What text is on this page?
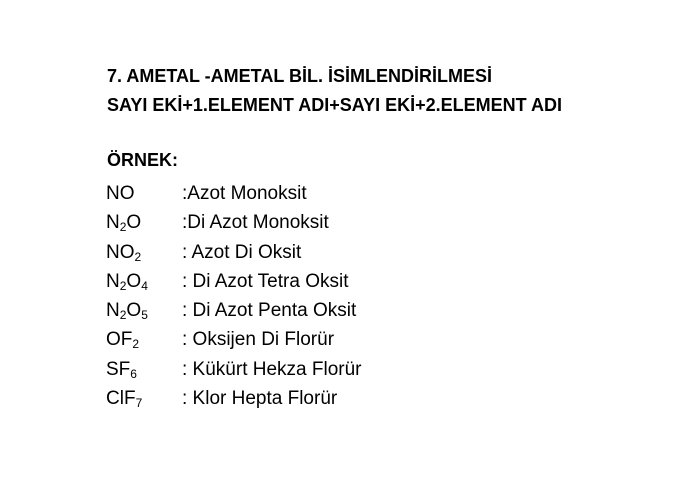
7. AMETAL -AMETAL BİL. İSİMLENDİRİLMESİ
SAYI EKİ+1.ELEMENT ADI+SAYI EKİ+2.ELEMENT ADI
ÖRNEK:
NO	:Azot Monoksit
$N_2O$ :Di Azot Monoksit
$NO_2$ : Azot Di Oksit
$N_2O_4$ : Di Azot Tetra Oksit
$N_2O_5$ : Di Azot Penta Oksit
$OF_2$ : Oksijen Di Florür
$SF_6$ : Kükürt Hekza Florür
ClF$_7$ : Klor Hepta Florür
